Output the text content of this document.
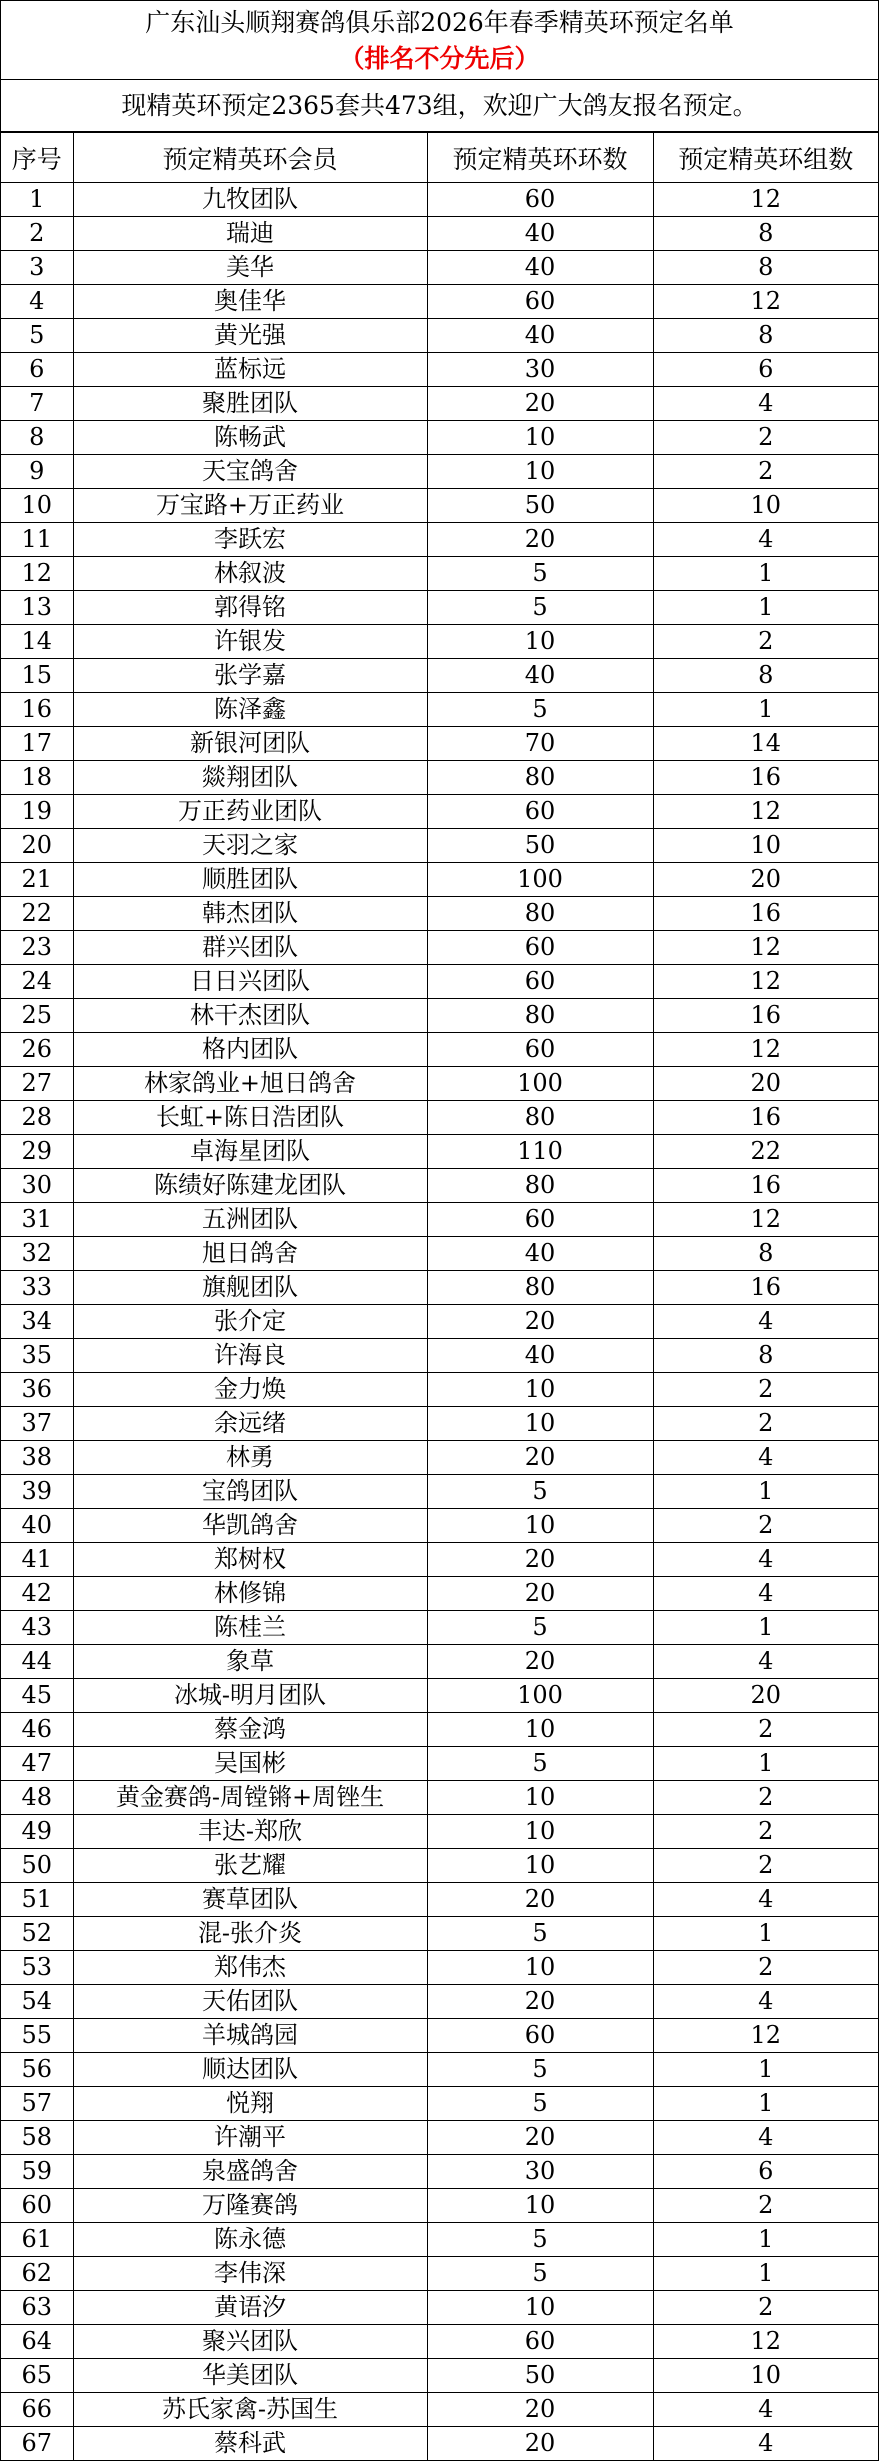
广东汕头顺翔赛鸽俱乐部2026年春季精英环预定名单
（排名不分先后）
现精英环预定2365套共473组，欢迎广大鸽友报名预定。
序号	预定精英环会员	预定精英环环数	预定精英环组数
1	九牧团队	60	12
2	瑞迪	40	8
3	美华	40	8
4	奥佳华	60	12
5	黄光强	40	8
6	蓝标远	30	6
7	聚胜团队	20	4
8	陈畅武	10	2
9	天宝鸽舍	10	2
10	万宝路+万正药业	50	10
11	李跃宏	20	4
12	林叙波	5	1
13	郭得铭	5	1
14	许银发	10	2
15	张学嘉	40	8
16	陈泽鑫	5	1
17	新银河团队	70	14
18	燚翔团队	80	16
19	万正药业团队	60	12
20	天羽之家	50	10
21	顺胜团队	100	20
22	韩杰团队	80	16
23	群兴团队	60	12
24	日日兴团队	60	12
25	林干杰团队	80	16
26	格内团队	60	12
27	林家鸽业+旭日鸽舍	100	20
28	长虹+陈日浩团队	80	16
29	卓海星团队	110	22
30	陈绩好陈建龙团队	80	16
31	五洲团队	60	12
32	旭日鸽舍	40	8
33	旗舰团队	80	16
34	张介定	20	4
35	许海良	40	8
36	金力焕	10	2
37	余远绪	10	2
38	林勇	20	4
39	宝鸽团队	5	1
40	华凯鸽舍	10	2
41	郑树权	20	4
42	林修锦	20	4
43	陈桂兰	5	1
44	象草	20	4
45	冰城-明月团队	100	20
46	蔡金鸿	10	2
47	吴国彬	5	1
48	黄金赛鸽-周镗锵+周锉生	10	2
49	丰达-郑欣	10	2
50	张艺耀	10	2
51	赛草团队	20	4
52	混-张介炎	5	1
53	郑伟杰	10	2
54	天佑团队	20	4
55	羊城鸽园	60	12
56	顺达团队	5	1
57	悦翔	5	1
58	许潮平	20	4
59	泉盛鸽舍	30	6
60	万隆赛鸽	10	2
61	陈永德	5	1
62	李伟深	5	1
63	黄语汐	10	2
64	聚兴团队	60	12
65	华美团队	50	10
66	苏氏家禽-苏国生	20	4
67	蔡科武	20	4
